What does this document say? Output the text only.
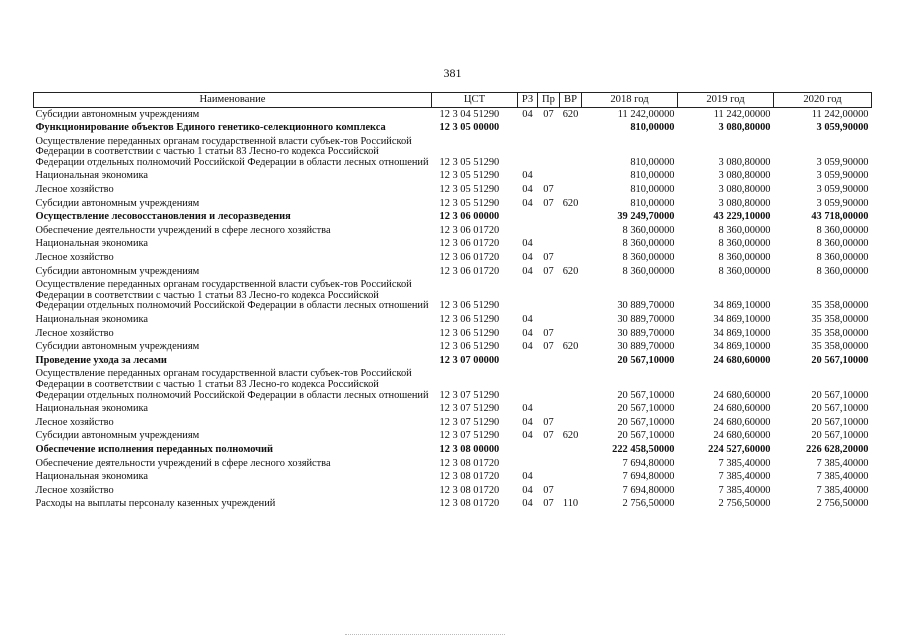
381
Наименование	ЦСТ	РЗ	Пр	ВР	2018 год	2019 год	2020 год
Субсидии автономным учреждениям	12 3 04 51290	04	07	620	11 242,00000	11 242,00000	11 242,00000
Функционирование объектов Единого генетико-селекционного комплекса	12 3 05 00000				810,00000	3 080,80000	3 059,90000
Осуществление переданных органам государственной власти субъек-тов Российской Федерации в соответствии с частью 1 статьи 83 Лесно-го кодекса Российской Федерации отдельных полномочий Российской Федерации в области лесных отношений	12 3 05 51290				810,00000	3 080,80000	3 059,90000
Национальная экономика	12 3 05 51290	04			810,00000	3 080,80000	3 059,90000
Лесное хозяйство	12 3 05 51290	04	07		810,00000	3 080,80000	3 059,90000
Субсидии автономным учреждениям	12 3 05 51290	04	07	620	810,00000	3 080,80000	3 059,90000
Осуществление лесовосстановления и лесоразведения	12 3 06 00000				39 249,70000	43 229,10000	43 718,00000
Обеспечение деятельности учреждений в сфере лесного хозяйства	12 3 06 01720				8 360,00000	8 360,00000	8 360,00000
Национальная экономика	12 3 06 01720	04			8 360,00000	8 360,00000	8 360,00000
Лесное хозяйство	12 3 06 01720	04	07		8 360,00000	8 360,00000	8 360,00000
Субсидии автономным учреждениям	12 3 06 01720	04	07	620	8 360,00000	8 360,00000	8 360,00000
Осуществление переданных органам государственной власти субъек-тов Российской Федерации в соответствии с частью 1 статьи 83 Лесно-го кодекса Российской Федерации отдельных полномочий Российской Федерации в области лесных отношений	12 3 06 51290				30 889,70000	34 869,10000	35 358,00000
Национальная экономика	12 3 06 51290	04			30 889,70000	34 869,10000	35 358,00000
Лесное хозяйство	12 3 06 51290	04	07		30 889,70000	34 869,10000	35 358,00000
Субсидии автономным учреждениям	12 3 06 51290	04	07	620	30 889,70000	34 869,10000	35 358,00000
Проведение ухода за лесами	12 3 07 00000				20 567,10000	24 680,60000	20 567,10000
Осуществление переданных органам государственной власти субъек-тов Российской Федерации в соответствии с частью 1 статьи 83 Лесно-го кодекса Российской Федерации отдельных полномочий Российской Федерации в области лесных отношений	12 3 07 51290				20 567,10000	24 680,60000	20 567,10000
Национальная экономика	12 3 07 51290	04			20 567,10000	24 680,60000	20 567,10000
Лесное хозяйство	12 3 07 51290	04	07		20 567,10000	24 680,60000	20 567,10000
Субсидии автономным учреждениям	12 3 07 51290	04	07	620	20 567,10000	24 680,60000	20 567,10000
Обеспечение исполнения переданных полномочий	12 3 08 00000				222 458,50000	224 527,60000	226 628,20000
Обеспечение деятельности учреждений в сфере лесного хозяйства	12 3 08 01720				7 694,80000	7 385,40000	7 385,40000
Национальная экономика	12 3 08 01720	04			7 694,80000	7 385,40000	7 385,40000
Лесное хозяйство	12 3 08 01720	04	07		7 694,80000	7 385,40000	7 385,40000
Расходы на выплаты персоналу казенных учреждений	12 3 08 01720	04	07	110	2 756,50000	2 756,50000	2 756,50000
